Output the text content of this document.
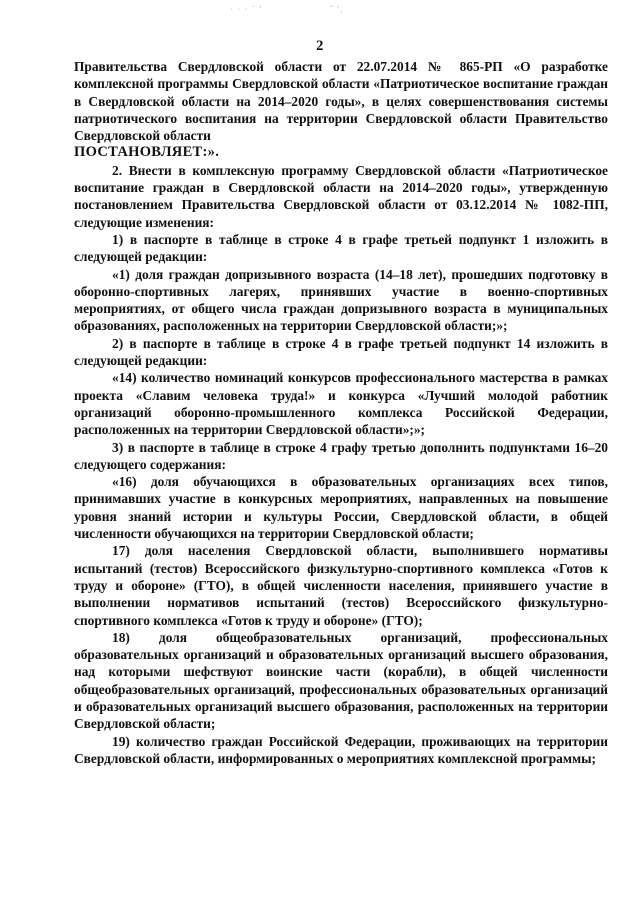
· · · ˘ ‛	ˆ ꞌ‚
2

Правительства Свердловской области от 22.07.2014 № 865-РП «О разработке комплексной программы Свердловской области «Патриотическое воспитание граждан в Свердловской области на 2014–2020 годы», в целях совершенствования системы патриотического воспитания на территории Свердловской области Правительство Свердловской области

ПОСТАНОВЛЯЕТ:».

2. Внести в комплексную программу Свердловской области «Патриотическое воспитание граждан в Свердловской области на 2014–2020 годы», утвержденную постановлением Правительства Свердловской области от 03.12.2014 № 1082-ПП, следующие изменения:

1) в паспорте в таблице в строке 4 в графе третьей подпункт 1 изложить в следующей редакции:

«1) доля граждан допризывного возраста (14–18 лет), прошедших подготовку в оборонно-спортивных лагерях, принявших участие в военно-спортивных мероприятиях, от общего числа граждан допризывного возраста в муниципальных образованиях, расположенных на территории Свердловской области;»;

2) в паспорте в таблице в строке 4 в графе третьей подпункт 14 изложить в следующей редакции:

«14) количество номинаций конкурсов профессионального мастерства в рамках проекта «Славим человека труда!» и конкурса «Лучший молодой работник организаций оборонно-промышленного комплекса Российской Федерации, расположенных на территории Свердловской области»;»;

3) в паспорте в таблице в строке 4 графу третью дополнить подпунктами 16–20 следующего содержания:

«16) доля обучающихся в образовательных организациях всех типов, принимавших участие в конкурсных мероприятиях, направленных на повышение уровня знаний истории и культуры России, Свердловской области, в общей численности обучающихся на территории Свердловской области;

17) доля населения Свердловской области, выполнившего нормативы испытаний (тестов) Всероссийского физкультурно-спортивного комплекса «Готов к труду и обороне» (ГТО), в общей численности населения, принявшего участие в выполнении нормативов испытаний (тестов) Всероссийского физкультурно-спортивного комплекса «Готов к труду и обороне» (ГТО);

18) доля общеобразовательных организаций, профессиональных образовательных организаций и образовательных организаций высшего образования, над которыми шефствуют воинские части (корабли), в общей численности общеобразовательных организаций, профессиональных образовательных организаций и образовательных организаций высшего образования, расположенных на территории Свердловской области;

19) количество граждан Российской Федерации, проживающих на территории Свердловской области, информированных о мероприятиях комплексной программы;
